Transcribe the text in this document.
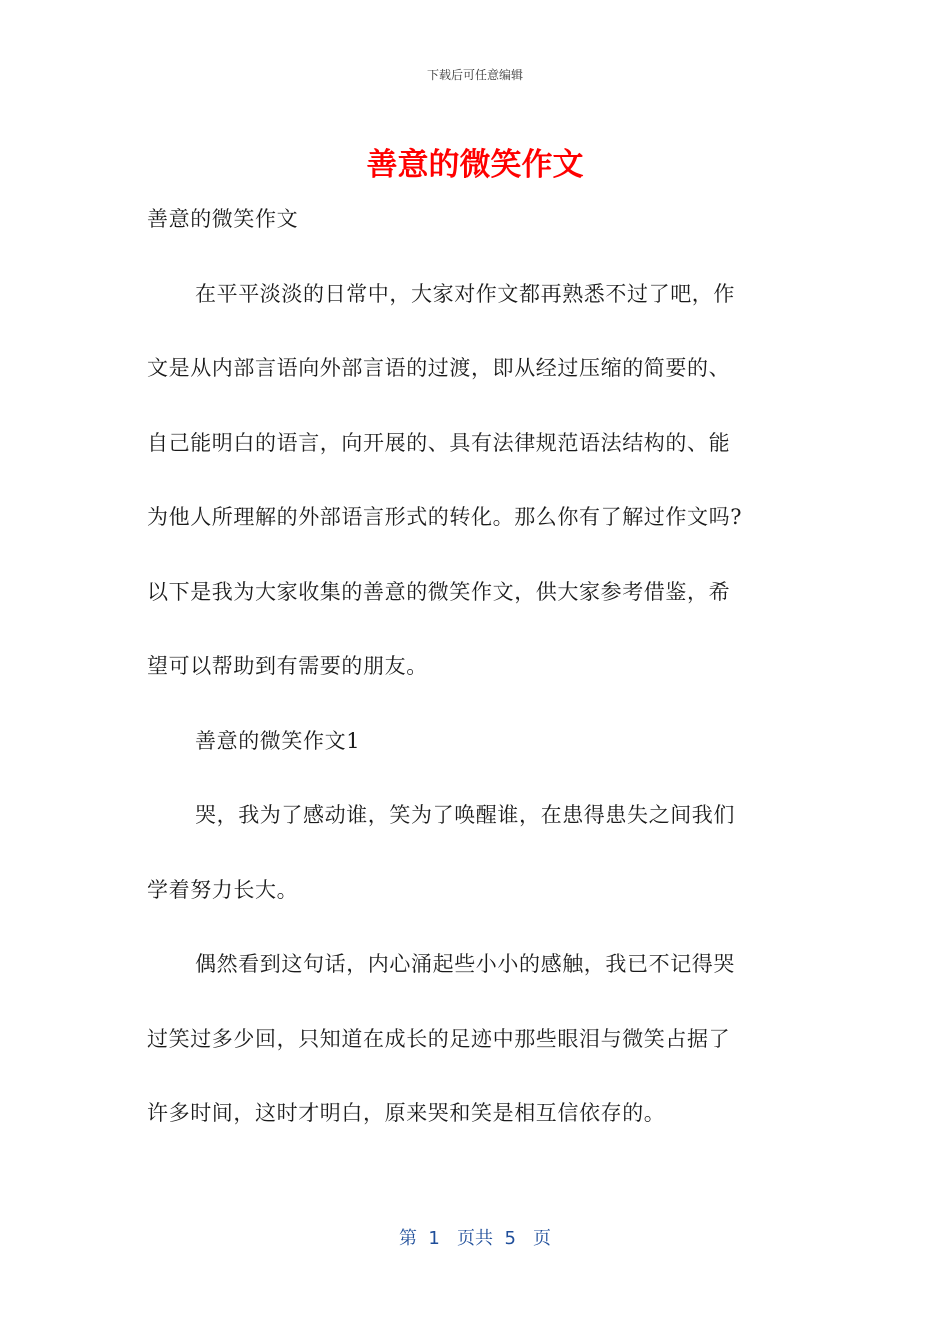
下载后可任意编辑
善意的微笑作文
善意的微笑作文
在平平淡淡的日常中，大家对作文都再熟悉不过了吧，作
文是从内部言语向外部言语的过渡，即从经过压缩的简要的、
自己能明白的语言，向开展的、具有法律规范语法结构的、能
为他人所理解的外部语言形式的转化。那么你有了解过作文吗?
以下是我为大家收集的善意的微笑作文，供大家参考借鉴，希
望可以帮助到有需要的朋友。
善意的微笑作文1
哭，我为了感动谁，笑为了唤醒谁，在患得患失之间我们
学着努力长大。
偶然看到这句话，内心涌起些小小的感触，我已不记得哭
过笑过多少回，只知道在成长的足迹中那些眼泪与微笑占据了
许多时间，这时才明白，原来哭和笑是相互信依存的。
第  1   页共  5   页
